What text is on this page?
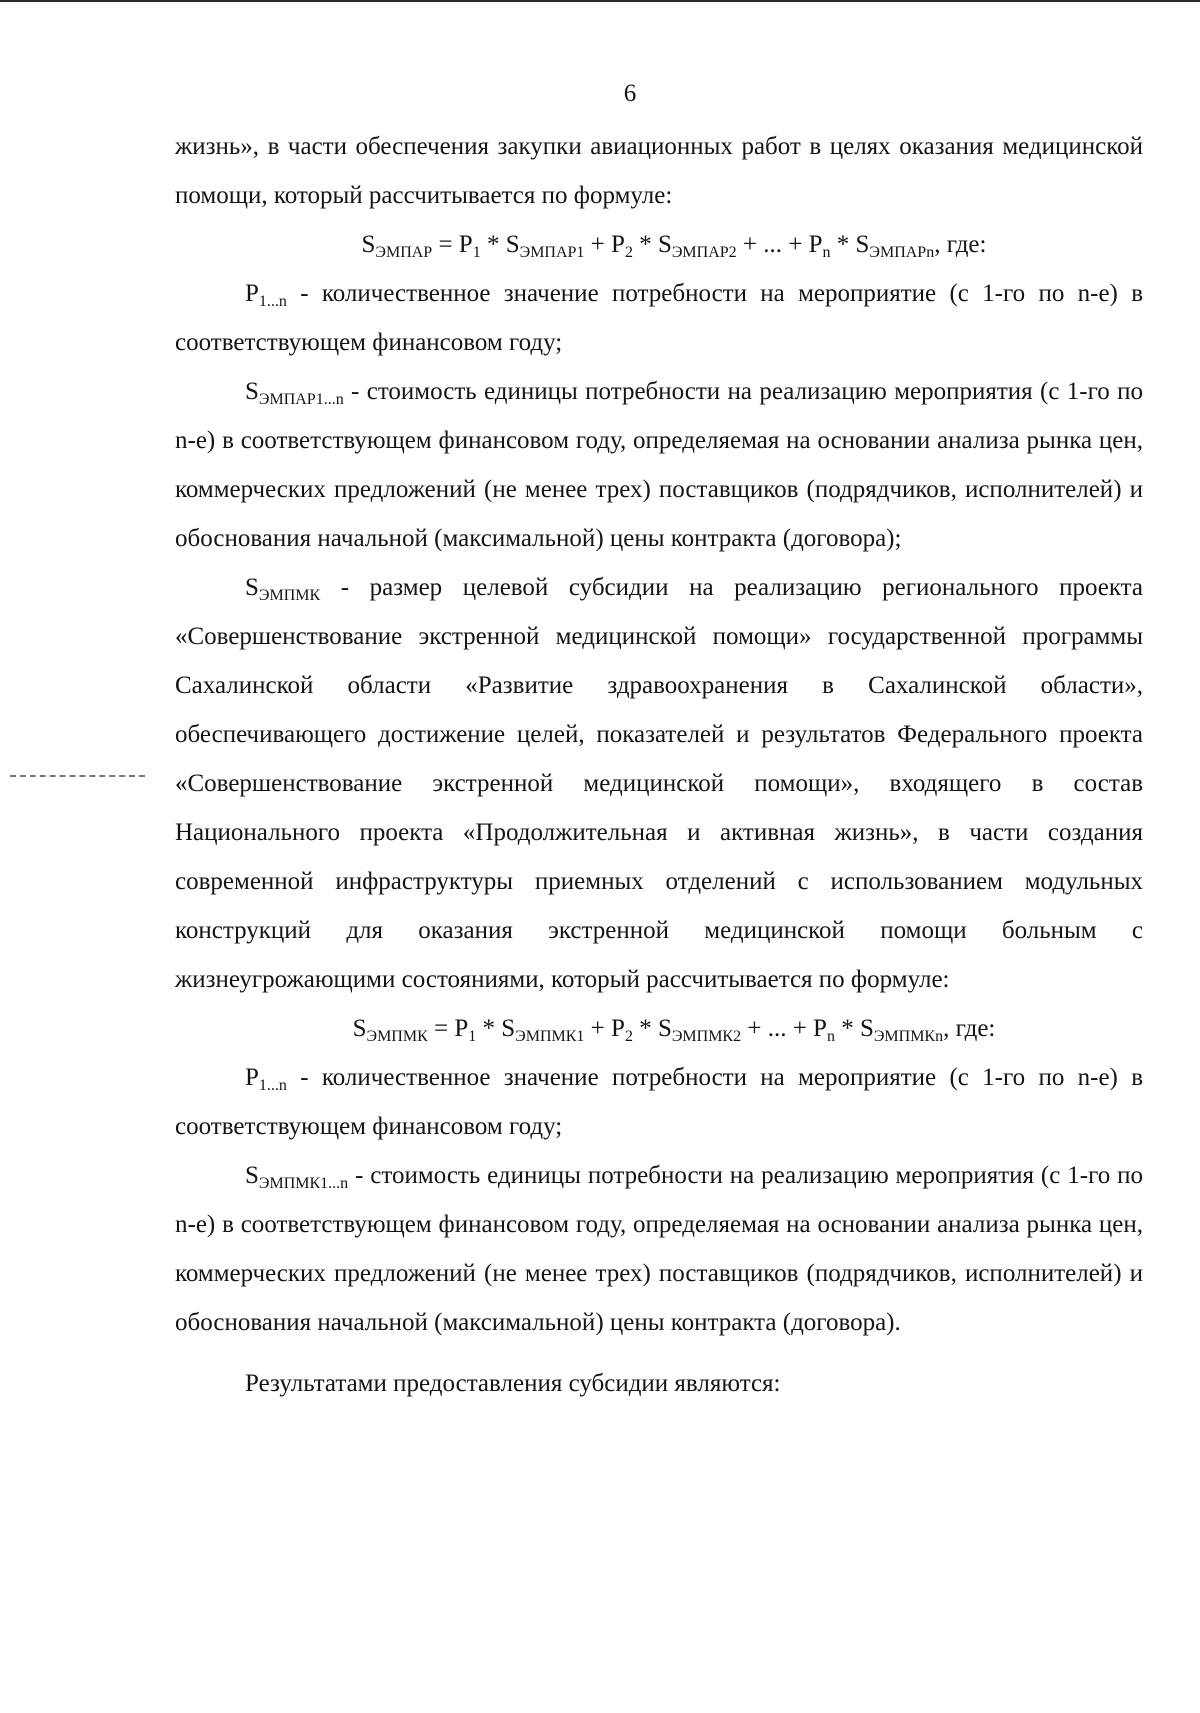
6

жизнь», в части обеспечения закупки авиационных работ в целях оказания медицинской помощи, который рассчитывается по формуле:

$S_{ЭМПАР} = P_1 * S_{ЭМПАР1} + P_2 * S_{ЭМПАР2}$ + ... + $P_n * S_{ЭМПАРn}$, где:

$P_{1...n}$ - количественное значение потребности на мероприятие (с 1-го по n-е) в соответствующем финансовом году;

$S_{ЭМПАР1...n}$ - стоимость единицы потребности на реализацию мероприятия (с 1-го по n-е) в соответствующем финансовом году, определяемая на основании анализа рынка цен, коммерческих предложений (не менее трех) поставщиков (подрядчиков, исполнителей) и обоснования начальной (максимальной) цены контракта (договора);

$S_{ЭМПМК}$ - размер целевой субсидии на реализацию регионального проекта «Совершенствование экстренной медицинской помощи» государственной программы Сахалинской области «Развитие здравоохранения в Сахалинской области», обеспечивающего достижение целей, показателей и результатов Федерального проекта «Совершенствование экстренной медицинской помощи», входящего в состав Национального проекта «Продолжительная и активная жизнь», в части создания современной инфраструктуры приемных отделений с использованием модульных конструкций для оказания экстренной медицинской помощи больным с жизнеугрожающими состояниями, который рассчитывается по формуле:

$S_{ЭМПМК} = P_1 * S_{ЭМПМК1} + P_2 * S_{ЭМПМК2}$ + ... + $P_n * S_{ЭМПМКn}$, где:

$P_{1...n}$ - количественное значение потребности на мероприятие (с 1-го по n-е) в соответствующем финансовом году;

$S_{ЭМПМК1...n}$ - стоимость единицы потребности на реализацию мероприятия (с 1-го по n-е) в соответствующем финансовом году, определяемая на основании анализа рынка цен, коммерческих предложений (не менее трех) поставщиков (подрядчиков, исполнителей) и обоснования начальной (максимальной) цены контракта (договора).

Результатами предоставления субсидии являются:
